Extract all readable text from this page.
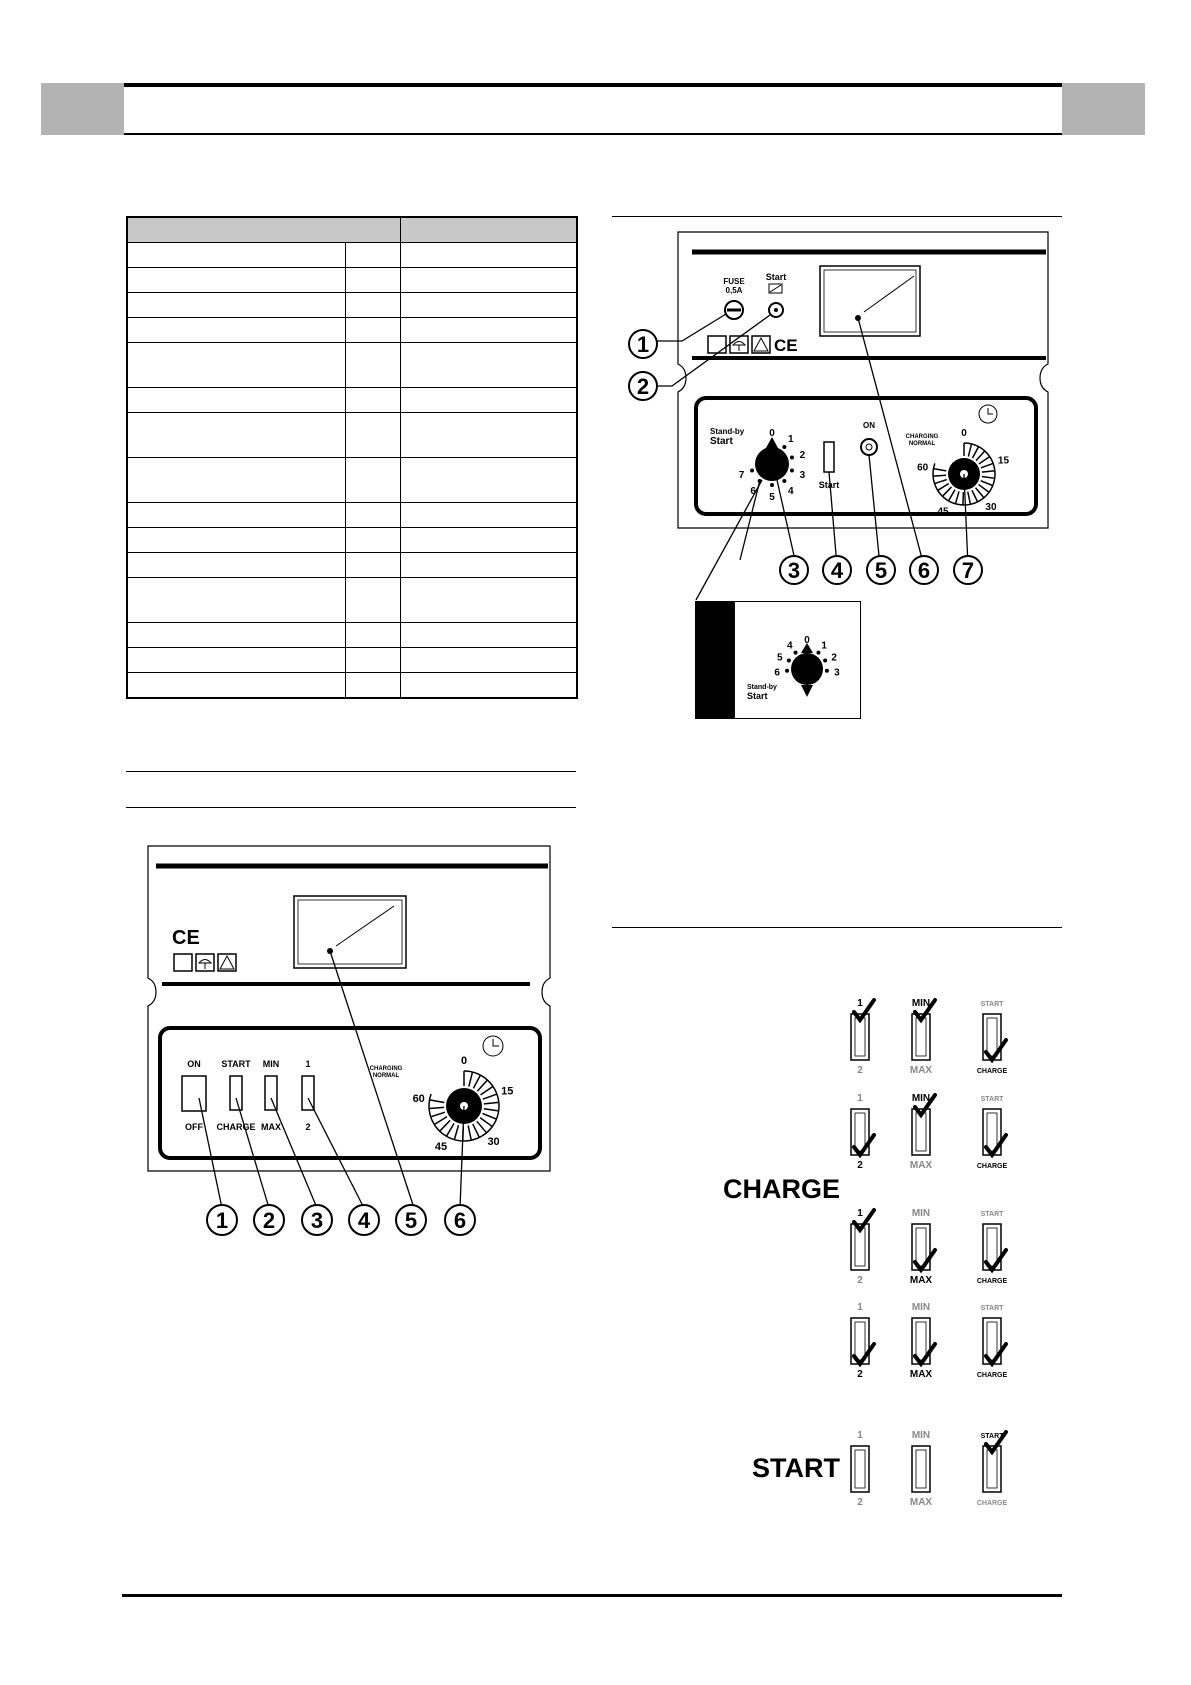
FUSE
0,5A
Start
CE
Stand-by
Start
0
1
2
3
4
5
6
7
Start
ON
CHARGING
NORMAL
0
15
30
45
60
1
2
3 4 5 6 7
0 1
2
3
4
5
6
Stand-by
Start
CE
ON
OFF
START
CHARGE
MIN
MAX
1
2
CHARGING
NORMAL
0
15
30
45
60
1 2 3 4 5 6
CHARGE
START
1
2
MIN
MAX
START
CHARGE
1
2
MIN
MAX
START
CHARGE
1
2
MIN
MAX
START
CHARGE
1
2
MIN
MAX
START
CHARGE
1
2
MIN
MAX
START
CHARGE
